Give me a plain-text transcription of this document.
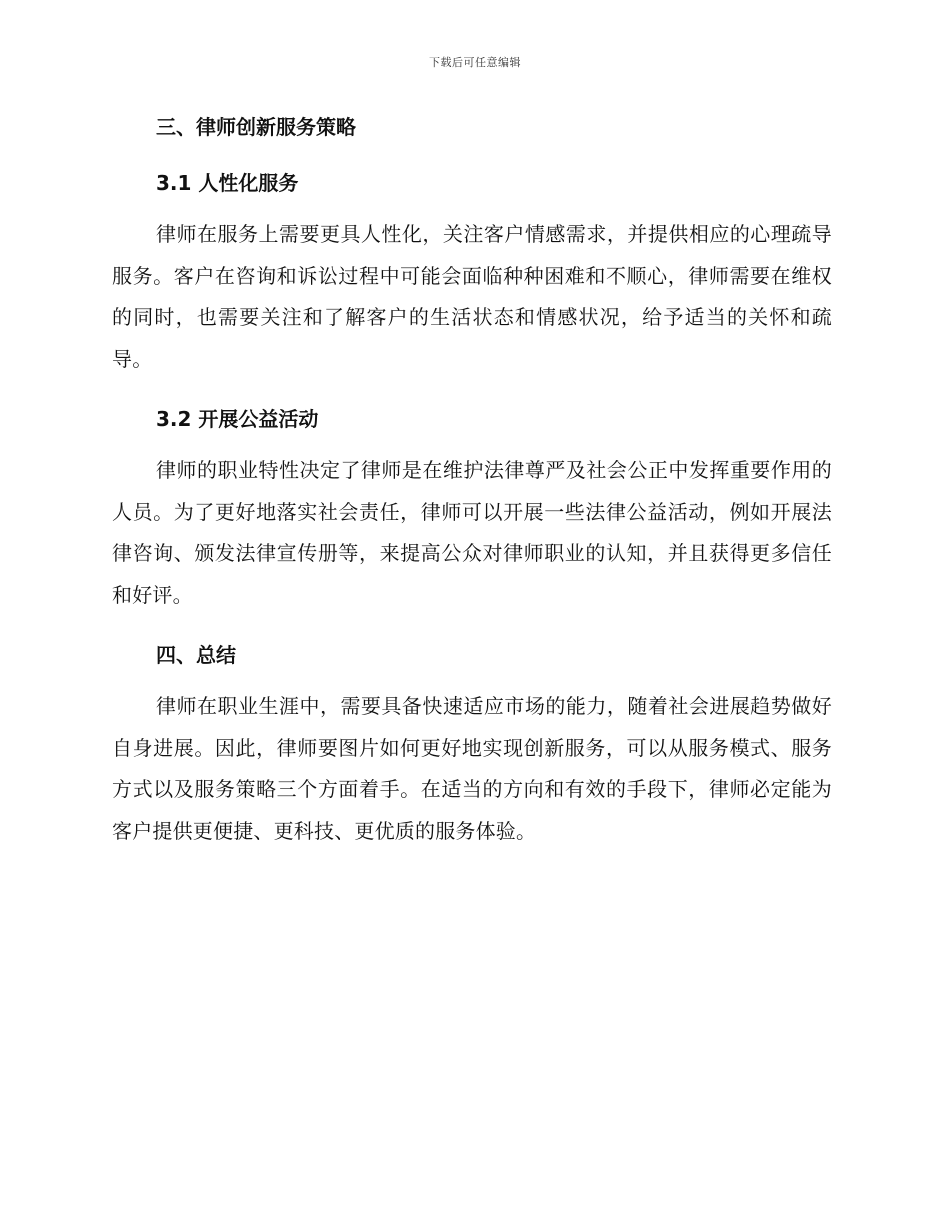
下载后可任意编辑
三、律师创新服务策略
3.1 人性化服务

律师在服务上需要更具人性化，关注客户情感需求，并提供相应的心理疏导服务。客户在咨询和诉讼过程中可能会面临种种困难和不顺心，律师需要在维权的同时，也需要关注和了解客户的生活状态和情感状况，给予适当的关怀和疏导。

3.2 开展公益活动

律师的职业特性决定了律师是在维护法律尊严及社会公正中发挥重要作用的人员。为了更好地落实社会责任，律师可以开展一些法律公益活动，例如开展法律咨询、颁发法律宣传册等，来提高公众对律师职业的认知，并且获得更多信任和好评。

四、总结

律师在职业生涯中，需要具备快速适应市场的能力，随着社会进展趋势做好自身进展。因此，律师要图片如何更好地实现创新服务，可以从服务模式、服务方式以及服务策略三个方面着手。在适当的方向和有效的手段下，律师必定能为客户提供更便捷、更科技、更优质的服务体验。
